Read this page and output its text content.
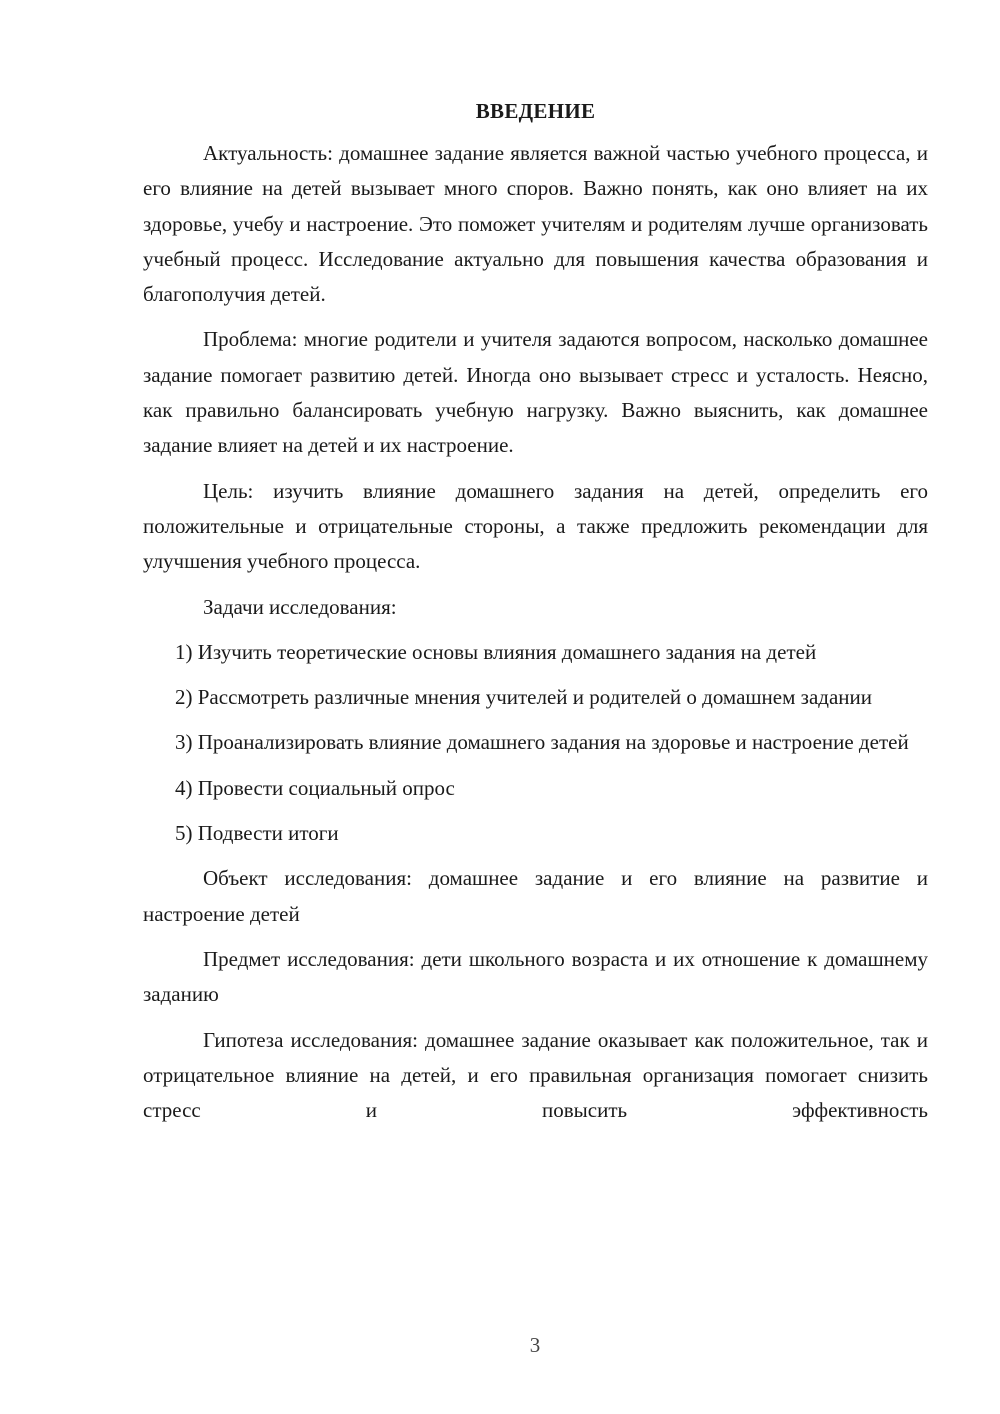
ВВЕДЕНИЕ

Актуальность: домашнее задание является важной частью учебного процесса, и его влияние на детей вызывает много споров. Важно понять, как оно влияет на их здоровье, учебу и настроение. Это поможет учителям и родителям лучше организовать учебный процесс. Исследование актуально для повышения качества образования и благополучия детей.

Проблема: многие родители и учителя задаются вопросом, насколько домашнее задание помогает развитию детей. Иногда оно вызывает стресс и усталость. Неясно, как правильно балансировать учебную нагрузку. Важно выяснить, как домашнее задание влияет на детей и их настроение.

Цель: изучить влияние домашнего задания на детей, определить его положительные и отрицательные стороны, а также предложить рекомендации для улучшения учебного процесса.

Задачи исследования:

1) Изучить теоретические основы влияния домашнего задания на детей

2) Рассмотреть различные мнения учителей и родителей о домашнем задании

3) Проанализировать влияние домашнего задания на здоровье и настроение детей

4) Провести социальный опрос

5) Подвести итоги

Объект исследования: домашнее задание и его влияние на развитие и настроение детей

Предмет исследования: дети школьного возраста и их отношение к домашнему заданию

Гипотеза исследования: домашнее задание оказывает как положительное, так и отрицательное влияние на детей, и его правильная организация помогает снизить стресс и повысить эффективность

3
